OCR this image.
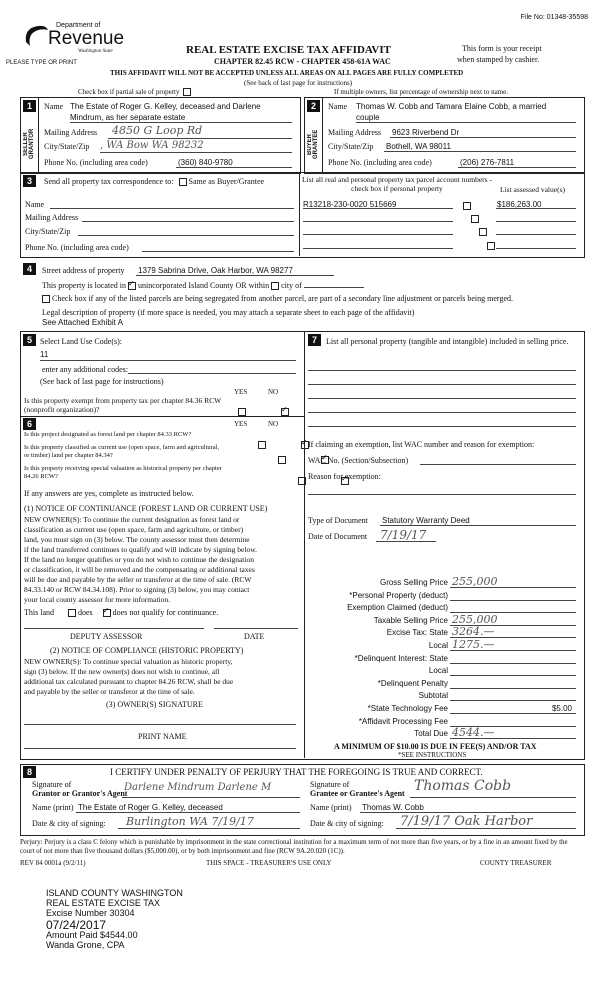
File No: 01348-35598
Department of
Revenue
Washington State
PLEASE TYPE OR PRINT
REAL ESTATE EXCISE TAX AFFIDAVIT
CHAPTER 82.45 RCW - CHAPTER 458-61A WAC
This form is your receipt
when stamped by cashier.
THIS AFFIDAVIT WILL NOT BE ACCEPTED UNLESS ALL AREAS ON ALL PAGES ARE FULLY COMPLETED
(See back of last page for instructions)
Check box if partial sale of property	If multiple owners, list percentage of ownership next to name.
1	2
SELLER GRANTOR	BUYER GRANTEE
Name The Estate of Roger G. Kelley, deceased and Darlene
Mindrum, as her separate estate
Mailing Address 4850 G Loop Rd
City/State/Zip , WA Bow WA 98232
Phone No. (including area code)	(360) 840-9780
Name Thomas W. Cobb and Tamara Elaine Cobb, a married
couple
Mailing Address 9623 Riverbend Dr
City/State/Zip Bothell, WA 98011
Phone No. (including area code)	(206) 276-7811
3	Send all property tax correspondence to: Same as Buyer/Grantee
Name
Mailing Address
City/State/Zip
Phone No. (including area code)
List all real and personal property tax parcel account numbers - check box if personal property	List assessed value(s)
R13218-230-0020 515669	$186,263.00
4	Street address of property 1379 Sabrina Drive, Oak Harbor, WA 98277
This property is located in ✓ unincorporated Island County OR within city of
Check box if any of the listed parcels are being segregated from another parcel, are part of a secondary line adjustment or parcels being merged.
Legal description of property (if more space is needed, you may attach a separate sheet to each page of the affidavit)
See Attached Exhibit A
5	Select Land Use Code(s):
11
enter any additional codes:
(See back of last page for instructions)
YES	NO
Is this property exempt from property tax per chapter 84.36 RCW (nonprofit organization)?
✓
6	YES	NO
Is this project designated as forest land per chapter 84.33 RCW?
✓
Is this property classified as current use (open space, farm and agricultural, or timber) land per chapter 84.34?
✓
Is this property receiving special valuation as historical property per chapter 84.26 RCW?
✓
If any answers are yes, complete as instructed below.
(1) NOTICE OF CONTINUANCE (FOREST LAND OR CURRENT USE)
NEW OWNER(S): To continue the current designation as forest land or
classification as current use (open space, farm and agriculture, or timber)
land, you must sign on (3) below. The county assessor must then determine
if the land transferred continues to qualify and will indicate by signing below.
If the land no longer qualifies or you do not wish to continue the designation
or classification, it will be removed and the compensating or additional taxes
will be due and payable by the seller or transferor at the time of sale. (RCW
84.33.140 or RCW 84.34.108). Prior to signing (3) below, you may contact
your local county assessor for more information.
This land	does ✓	does not qualify for continuance.
DEPUTY ASSESSOR	DATE
(2) NOTICE OF COMPLIANCE (HISTORIC PROPERTY)
NEW OWNER(S): To continue special valuation as historic property,
sign (3) below. If the new owner(s) does not wish to continue, all
additional tax calculated pursuant to chapter 84.26 RCW, shall be due
and payable by the seller or transferor at the time of sale.
(3) OWNER(S) SIGNATURE
PRINT NAME
7	List all personal property (tangible and intangible) included in selling price.
If claiming an exemption, list WAC number and reason for exemption:
WAC No. (Section/Subsection)
Reason for exemption:
Type of Document Statutory Warranty Deed
Date of Document 7/19/17
Gross Selling Price 255,000
*Personal Property (deduct)
Exemption Claimed (deduct)
Taxable Selling Price 255,000
Excise Tax: State 3264.—
Local 1275.—
*Delinquent Interest: State
Local
*Delinquent Penalty
Subtotal
*State Technology Fee	$5.00
*Affidavit Processing Fee
Total Due 4544.—
A MINIMUM OF $10.00 IS DUE IN FEE(S) AND/OR TAX
*SEE INSTRUCTIONS
8	I CERTIFY UNDER PENALTY OF PERJURY THAT THE FOREGOING IS TRUE AND CORRECT.
Signature of
Grantor or Grantor's Agent
Darlene Mindrum Darlene M	Signature of
Grantee or Grantee's Agent Thomas Cobb
Name (print) The Estate of Roger G. Kelley, deceased	Name (print) Thomas W. Cobb
Date & city of signing: Burlington WA 7/19/17	Date & city of signing: 7/19/17 Oak Harbor
Perjury: Perjury is a class C felony which is punishable by imprisonment in the state correctional institution for a maximum term of not more than five years, or by a fine in an amount fixed by the court of not more than five thousand dollars ($5,000.00), or by both imprisonment and fine (RCW 9A.20.020 (1C)).
REV 84 0001a (9/2/11)	THIS SPACE - TREASURER'S USE ONLY	COUNTY TREASURER
ISLAND COUNTY WASHINGTON
REAL ESTATE EXCISE TAX
Excise Number 30304
07/24/2017
Amount Paid $4544.00
Wanda Grone, CPA
